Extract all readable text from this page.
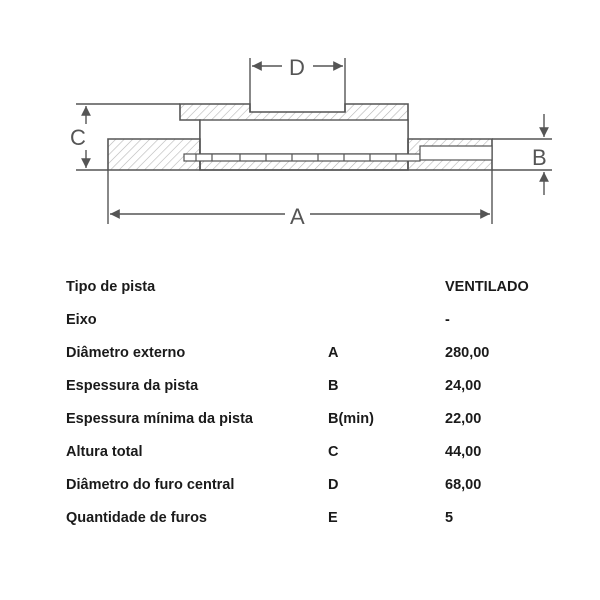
D
C
B
A
Tipo de pista	VENTILADO
Eixo	-
Diâmetro externo	A	280,00
Espessura da pista	B	24,00
Espessura mínima da pista	B(min)	22,00
Altura total	C	44,00
Diâmetro do furo central	D	68,00
Quantidade de furos	E	5
